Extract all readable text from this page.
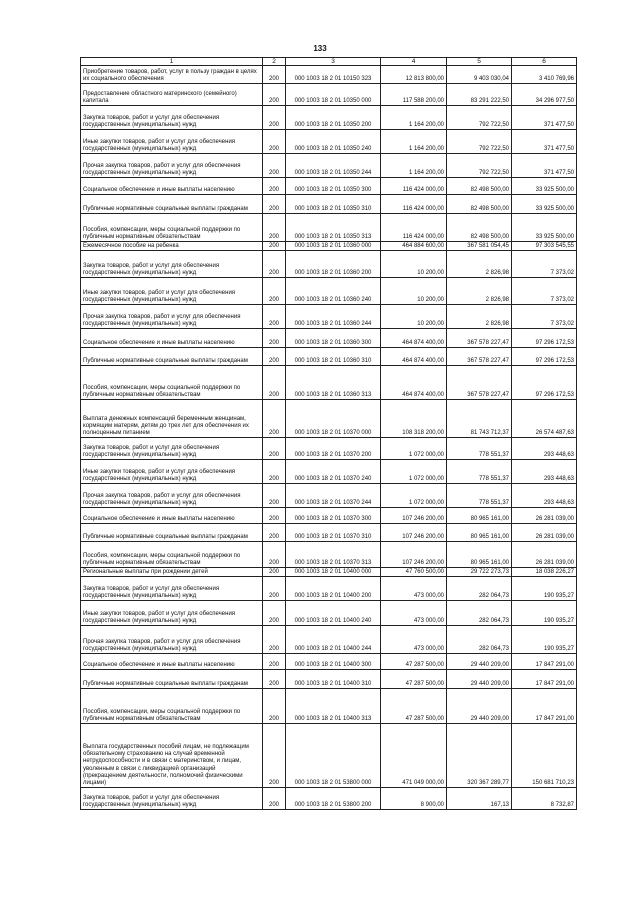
133
1	2	3	4	5	6
Приобретение товаров, работ, услуг в пользу граждан в целях их социального обеспечения	200	000 1003 18 2 01 10150 323	12 813 800,00	9 403 030,04	3 410 769,96
Предоставление областного материнского (семейного) капитала	200	000 1003 18 2 01 10350 000	117 588 200,00	83 291 222,50	34 296 977,50
Закупка товаров, работ и услуг для обеспечения государственных (муниципальных) нужд	200	000 1003 18 2 01 10350 200	1 164 200,00	792 722,50	371 477,50
Иные закупки товаров, работ и услуг для обеспечения государственных (муниципальных) нужд	200	000 1003 18 2 01 10350 240	1 164 200,00	792 722,50	371 477,50
Прочая закупка товаров, работ и услуг для обеспечения государственных (муниципальных) нужд	200	000 1003 18 2 01 10350 244	1 164 200,00	792 722,50	371 477,50
Социальное обеспечение и иные выплаты населению	200	000 1003 18 2 01 10350 300	116 424 000,00	82 498 500,00	33 925 500,00
Публичные нормативные социальные выплаты гражданам	200	000 1003 18 2 01 10350 310	116 424 000,00	82 498 500,00	33 925 500,00
Пособия, компенсации, меры социальной поддержки по публичным нормативным обязательствам	200	000 1003 18 2 01 10350 313	116 424 000,00	82 498 500,00	33 925 500,00
Ежемесячное пособие на ребенка	200	000 1003 18 2 01 10360 000	464 884 600,00	367 581 054,45	97 303 545,55
Закупка товаров, работ и услуг для обеспечения государственных (муниципальных) нужд	200	000 1003 18 2 01 10360 200	10 200,00	2 826,98	7 373,02
Иные закупки товаров, работ и услуг для обеспечения государственных (муниципальных) нужд	200	000 1003 18 2 01 10360 240	10 200,00	2 826,98	7 373,02
Прочая закупка товаров, работ и услуг для обеспечения государственных (муниципальных) нужд	200	000 1003 18 2 01 10360 244	10 200,00	2 826,98	7 373,02
Социальное обеспечение и иные выплаты населению	200	000 1003 18 2 01 10360 300	464 874 400,00	367 578 227,47	97 296 172,53
Публичные нормативные социальные выплаты гражданам	200	000 1003 18 2 01 10360 310	464 874 400,00	367 578 227,47	97 296 172,53
Пособия, компенсации, меры социальной поддержки по публичным нормативным обязательствам	200	000 1003 18 2 01 10360 313	464 874 400,00	367 578 227,47	97 296 172,53
Выплата денежных компенсаций беременным женщинам, кормящим матерям, детям до трех лет для обеспечения их полноценным питанием	200	000 1003 18 2 01 10370 000	108 318 200,00	81 743 712,37	26 574 487,63
Закупка товаров, работ и услуг для обеспечения государственных (муниципальных) нужд	200	000 1003 18 2 01 10370 200	1 072 000,00	778 551,37	293 448,63
Иные закупки товаров, работ и услуг для обеспечения государственных (муниципальных) нужд	200	000 1003 18 2 01 10370 240	1 072 000,00	778 551,37	293 448,63
Прочая закупка товаров, работ и услуг для обеспечения государственных (муниципальных) нужд	200	000 1003 18 2 01 10370 244	1 072 000,00	778 551,37	293 448,63
Социальное обеспечение и иные выплаты населению	200	000 1003 18 2 01 10370 300	107 246 200,00	80 965 161,00	26 281 039,00
Публичные нормативные социальные выплаты гражданам	200	000 1003 18 2 01 10370 310	107 246 200,00	80 965 161,00	26 281 039,00
Пособия, компенсации, меры социальной поддержки по публичным нормативным обязательствам	200	000 1003 18 2 01 10370 313	107 246 200,00	80 965 161,00	26 281 039,00
Региональные выплаты при рождении детей	200	000 1003 18 2 01 10400 000	47 760 500,00	29 722 273,73	18 038 226,27
Закупка товаров, работ и услуг для обеспечения государственных (муниципальных) нужд	200	000 1003 18 2 01 10400 200	473 000,00	282 064,73	190 935,27
Иные закупки товаров, работ и услуг для обеспечения государственных (муниципальных) нужд	200	000 1003 18 2 01 10400 240	473 000,00	282 064,73	190 935,27
Прочая закупка товаров, работ и услуг для обеспечения государственных (муниципальных) нужд	200	000 1003 18 2 01 10400 244	473 000,00	282 064,73	190 935,27
Социальное обеспечение и иные выплаты населению	200	000 1003 18 2 01 10400 300	47 287 500,00	29 440 209,00	17 847 291,00
Публичные нормативные социальные выплаты гражданам	200	000 1003 18 2 01 10400 310	47 287 500,00	29 440 209,00	17 847 291,00
Пособия, компенсации, меры социальной поддержки по публичным нормативным обязательствам	200	000 1003 18 2 01 10400 313	47 287 500,00	29 440 209,00	17 847 291,00
Выплата государственных пособий лицам, не подлежащим обязательному страхованию на случай временной нетрудоспособности и в связи с материнством, и лицам, уволенным в связи с ликвидацией организаций (прекращением деятельности, полномочий физическими лицами)	200	000 1003 18 2 01 53800 000	471 049 000,00	320 367 289,77	150 681 710,23
Закупка товаров, работ и услуг для обеспечения государственных (муниципальных) нужд	200	000 1003 18 2 01 53800 200	8 900,00	167,13	8 732,87
